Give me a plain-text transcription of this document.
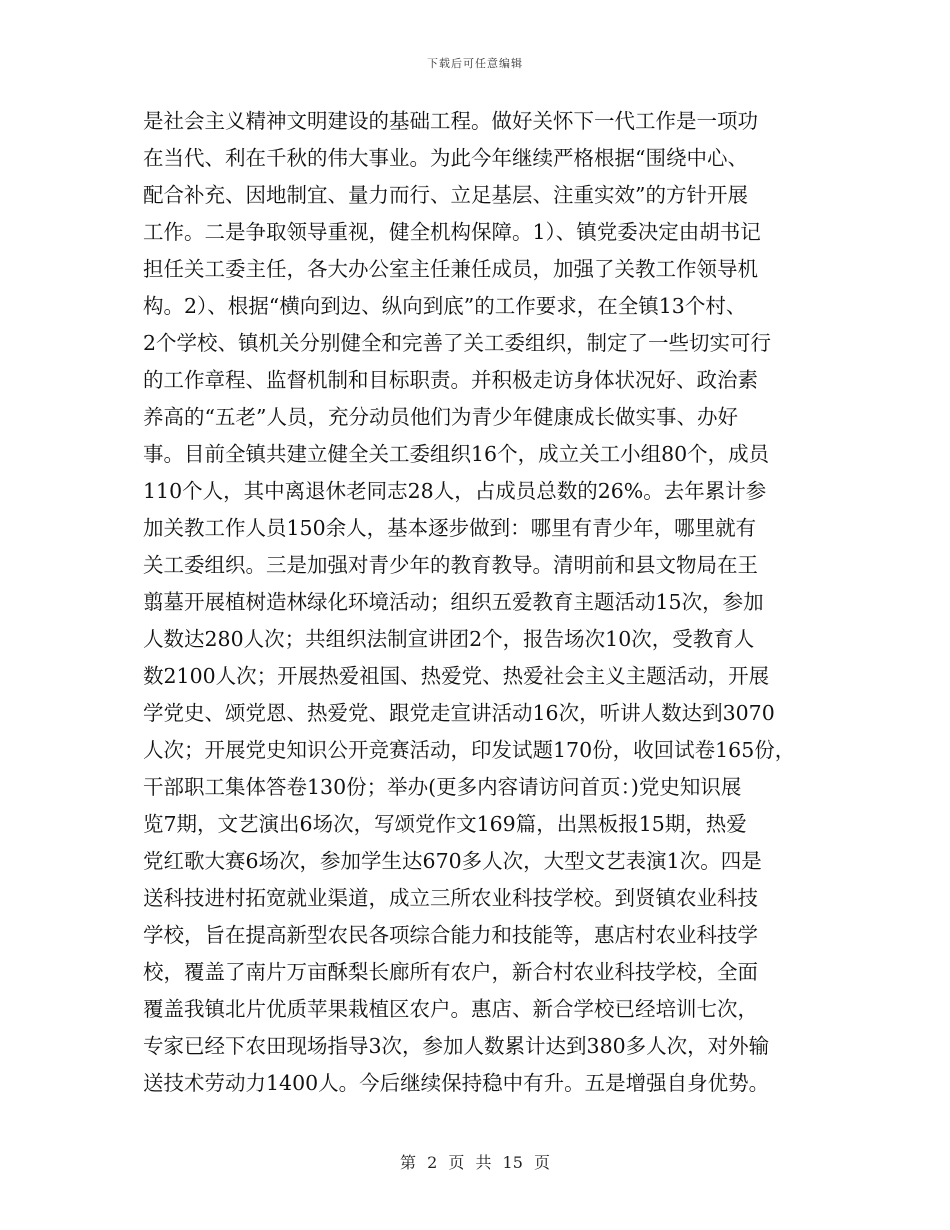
下载后可任意编辑
是社会主义精神文明建设的基础工程。做好关怀下一代工作是一项功
在当代、利在千秋的伟大事业。为此今年继续严格根据“围绕中心、
配合补充、因地制宜、量力而行、立足基层、注重实效”的方针开展
工作。二是争取领导重视，健全机构保障。1）、镇党委决定由胡书记
担任关工委主任，各大办公室主任兼任成员，加强了关教工作领导机
构。2）、根据“横向到边、纵向到底”的工作要求，在全镇13个村、
2个学校、镇机关分别健全和完善了关工委组织，制定了一些切实可行
的工作章程、监督机制和目标职责。并积极走访身体状况好、政治素
养高的“五老”人员，充分动员他们为青少年健康成长做实事、办好
事。目前全镇共建立健全关工委组织16个，成立关工小组80个，成员
110个人，其中离退休老同志28人，占成员总数的26%。去年累计参
加关教工作人员150余人，基本逐步做到：哪里有青少年，哪里就有
关工委组织。三是加强对青少年的教育教导。清明前和县文物局在王
翦墓开展植树造林绿化环境活动；组织五爱教育主题活动15次，参加
人数达280人次；共组织法制宣讲团2个，报告场次10次，受教育人
数2100人次；开展热爱祖国、热爱党、热爱社会主义主题活动，开展
学党史、颂党恩、热爱党、跟党走宣讲活动16次，听讲人数达到3070
人次；开展党史知识公开竞赛活动，印发试题170份，收回试卷165份，
干部职工集体答卷130份；举办(更多内容请访问首页：)党史知识展
览7期，文艺演出6场次，写颂党作文169篇，出黑板报15期，热爱
党红歌大赛6场次，参加学生达670多人次，大型文艺表演1次。四是
送科技进村拓宽就业渠道，成立三所农业科技学校。到贤镇农业科技
学校，旨在提高新型农民各项综合能力和技能等，惠店村农业科技学
校，覆盖了南片万亩酥梨长廊所有农户，新合村农业科技学校，全面
覆盖我镇北片优质苹果栽植区农户。惠店、新合学校已经培训七次，
专家已经下农田现场指导3次，参加人数累计达到380多人次，对外输
送技术劳动力1400人。今后继续保持稳中有升。五是增强自身优势。
第 2 页 共 15 页
